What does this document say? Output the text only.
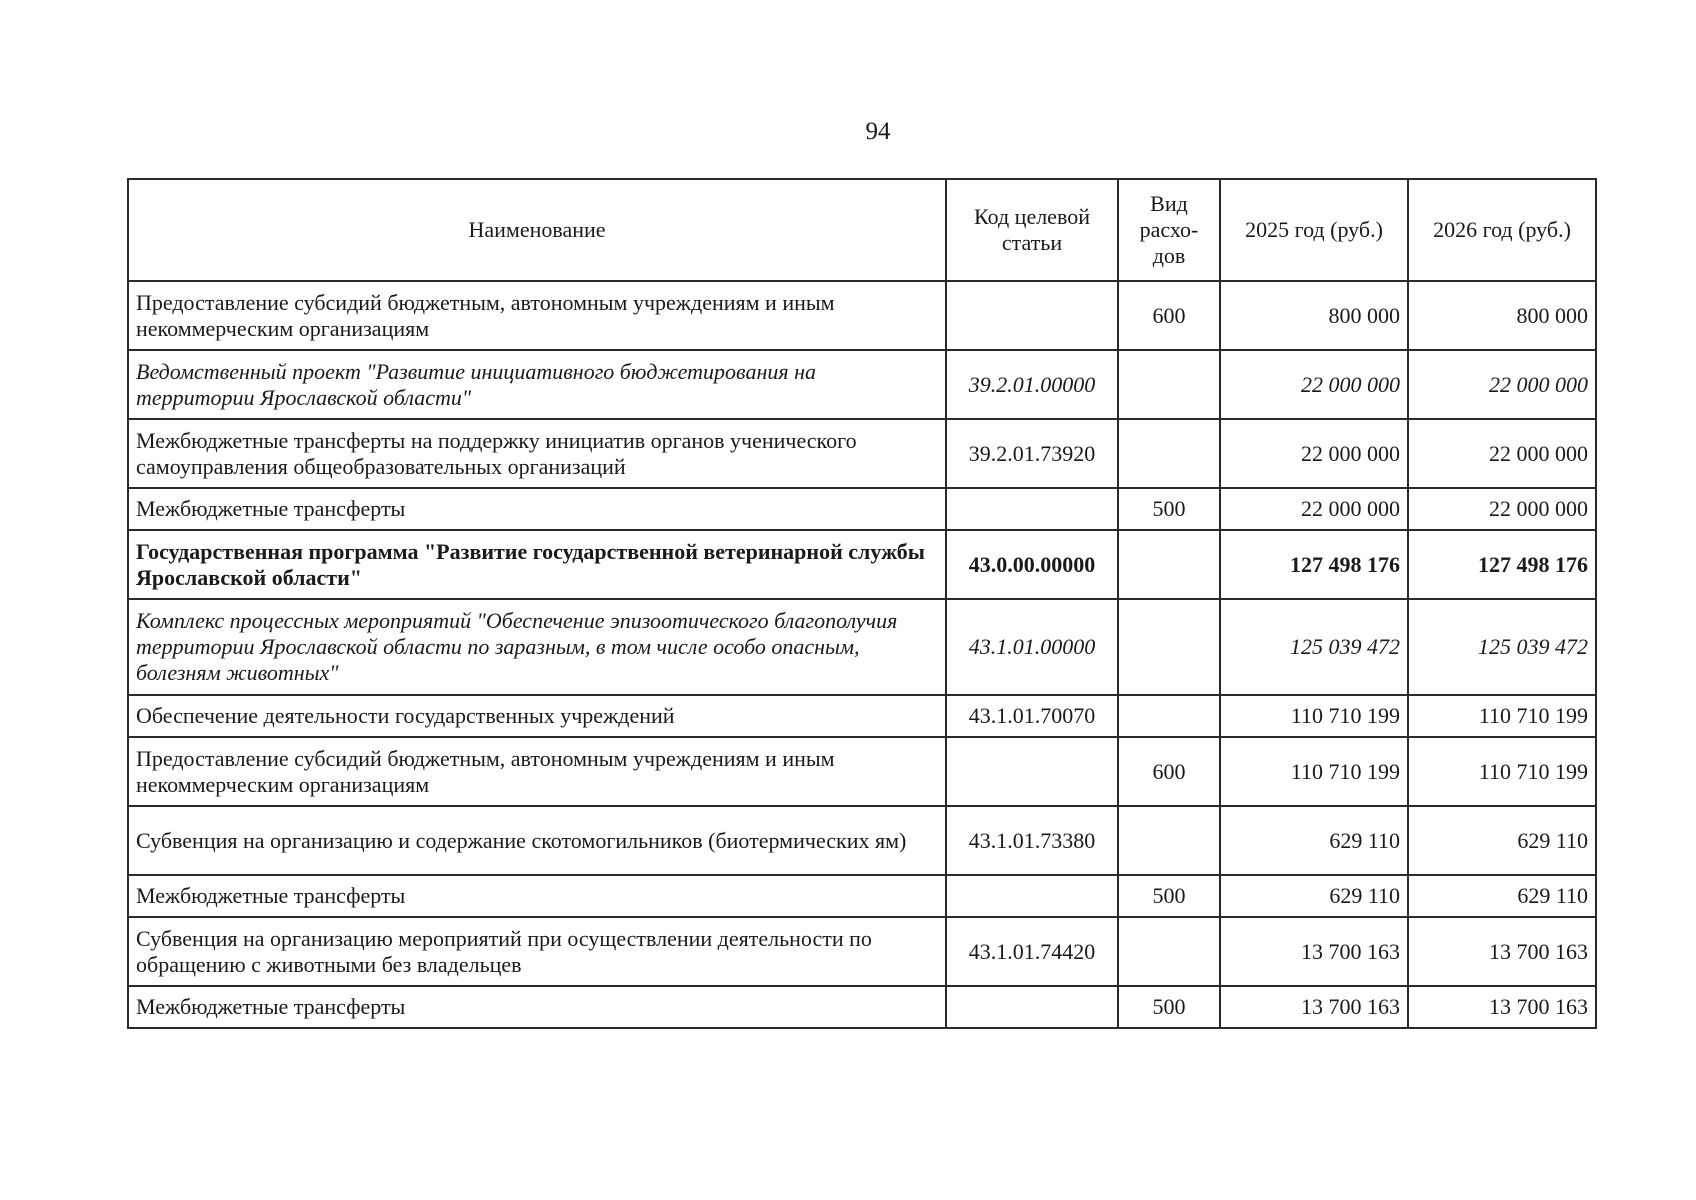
94
Наименование	Код целевой статьи	Вид расхо-дов	2025 год (руб.)	2026 год (руб.)
Предоставление субсидий бюджетным, автономным учреждениям и иным некоммерческим организациям		600	800 000	800 000
Ведомственный проект "Развитие инициативного бюджетирования на территории Ярославской области"	39.2.01.00000		22 000 000	22 000 000
Межбюджетные трансферты на поддержку инициатив органов ученического самоуправления общеобразовательных организаций	39.2.01.73920		22 000 000	22 000 000
Межбюджетные трансферты		500	22 000 000	22 000 000
Государственная программа "Развитие государственной ветеринарной службы Ярославской области"	43.0.00.00000		127 498 176	127 498 176
Комплекс процессных мероприятий "Обеспечение эпизоотического благополучия территории Ярославской области по заразным, в том числе особо опасным, болезням животных"	43.1.01.00000		125 039 472	125 039 472
Обеспечение деятельности государственных учреждений	43.1.01.70070		110 710 199	110 710 199
Предоставление субсидий бюджетным, автономным учреждениям и иным некоммерческим организациям		600	110 710 199	110 710 199
Субвенция на организацию и содержание скотомогильников (биотермических ям)	43.1.01.73380		629 110	629 110
Межбюджетные трансферты		500	629 110	629 110
Субвенция на организацию мероприятий при осуществлении деятельности по обращению с животными без владельцев	43.1.01.74420		13 700 163	13 700 163
Межбюджетные трансферты		500	13 700 163	13 700 163
